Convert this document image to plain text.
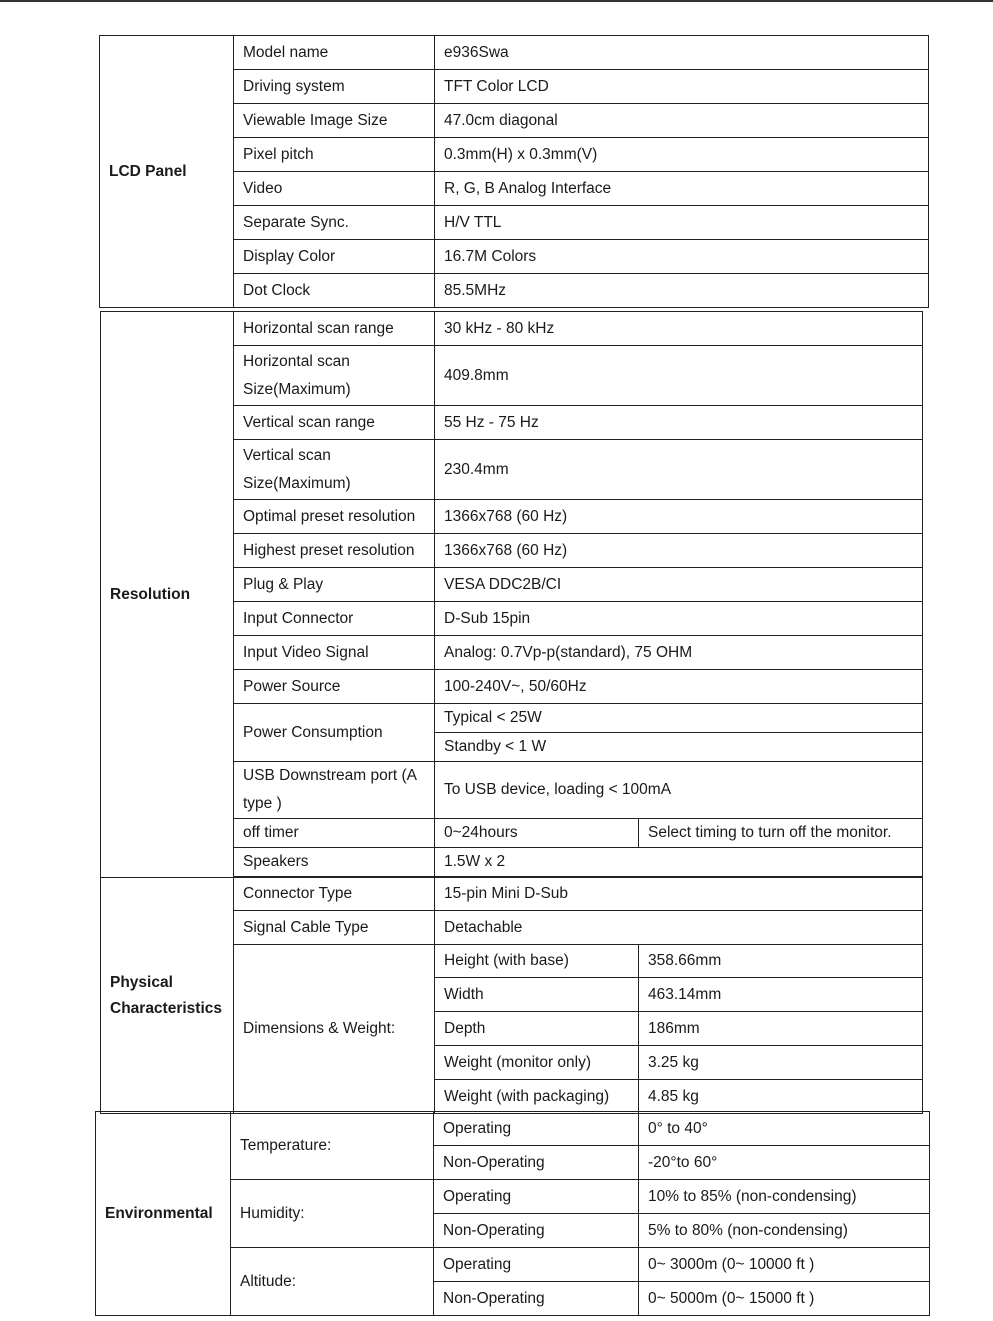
LCD Panel	Model name	e936Swa
	Driving system	TFT Color LCD
	Viewable Image Size	47.0cm diagonal
	Pixel pitch	0.3mm(H) x 0.3mm(V)
	Video	R, G, B Analog Interface
	Separate Sync.	H/V TTL
	Display Color	16.7M Colors
	Dot Clock	85.5MHz
Resolution	Horizontal scan range	30 kHz - 80 kHz	
	Horizontal scan Size(Maximum)	409.8mm	
	Vertical scan range	55 Hz - 75 Hz	
	Vertical scan Size(Maximum)	230.4mm	
	Optimal preset resolution	1366x768 (60 Hz)	
	Highest preset resolution	1366x768 (60 Hz)	
	Plug & Play	VESA DDC2B/CI	
	Input Connector	D-Sub 15pin	
	Input Video Signal	Analog: 0.7Vp-p(standard), 75 OHM	
	Power Source	100-240V~, 50/60Hz	
	Power Consumption	Typical < 25W	
		Standby < 1 W	
	USB Downstream port (A type )	To USB device, loading < 100mA	
	off timer	0~24hours	Select timing to turn off the monitor.
	Speakers	1.5W x 2	

Physical Characteristics	Connector Type	15-pin Mini D-Sub	
	Signal Cable Type	Detachable	
	Dimensions & Weight:	Height (with base)	358.66mm
		Width	463.14mm
		Depth	186mm
		Weight (monitor only)	3.25 kg
		Weight (with packaging)	4.85 kg
Environmental	Temperature:	Operating	0° to 40°
		Non-Operating	-20°to 60°
	Humidity:	Operating	10% to 85% (non-condensing)
		Non-Operating	5% to 80% (non-condensing)
	Altitude:	Operating	0~ 3000m (0~ 10000 ft )
		Non-Operating	0~ 5000m (0~ 15000 ft )
